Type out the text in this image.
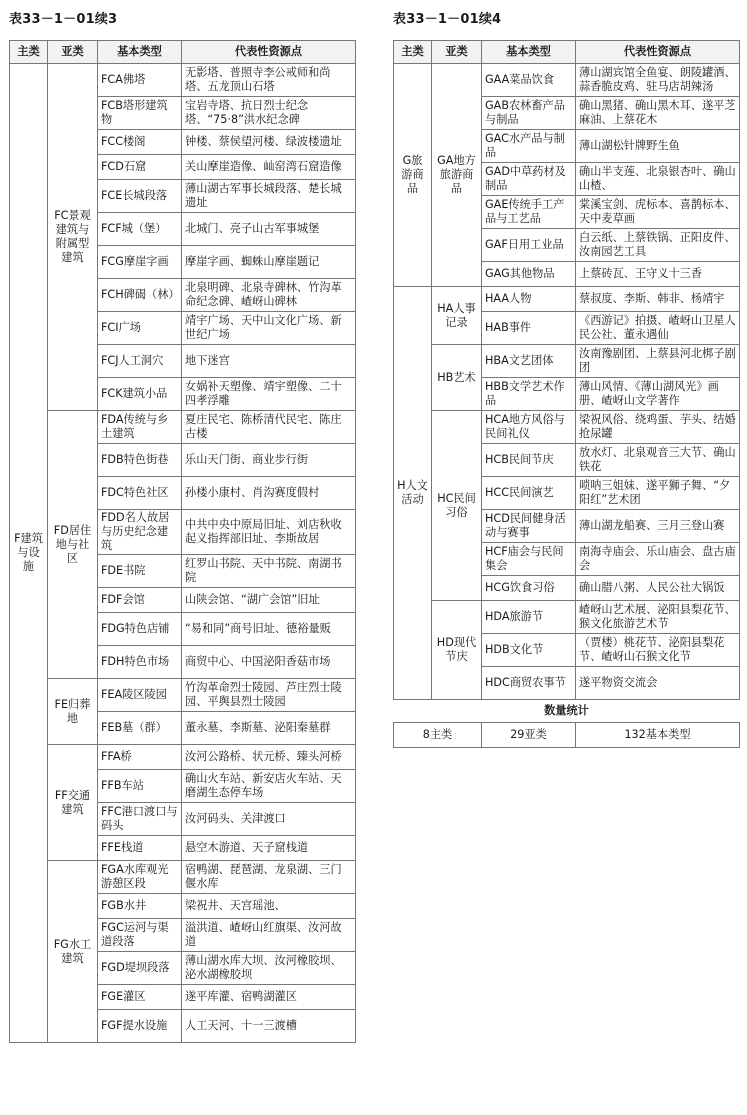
表33－1－01续3
主类	亚类	基本类型	代表性资源点
F建筑与设施	FC景观建筑与附属型建筑	FCA佛塔	无影塔、普照寺李公戒师和尚塔、五龙顶山石塔
		FCB塔形建筑物	宝岩寺塔、抗日烈士纪念塔、“75·8”洪水纪念碑
		FCC楼阁	钟楼、蔡侯望河楼、绿波楼遗址
		FCD石窟	关山摩崖造像、屾窑湾石窟造像
		FCE长城段落	薄山湖古军事长城段落、楚长城遗址
		FCF城（堡）	北城门、亮子山古军事城堡
		FCG摩崖字画	摩崖字画、蜘蛛山摩崖题记
		FCH碑碣（林）	北泉明碑、北泉寺碑林、竹沟革命纪念碑、嵖岈山碑林
		FCI广场	靖宇广场、天中山文化广场、新世纪广场
		FCJ人工洞穴	地下迷宫
		FCK建筑小品	女娲补天塑像、靖宇塑像、二十四孝浮雕
	FD居住地与社区	FDA传统与乡土建筑	夏庄民宅、陈桥清代民宅、陈庄古楼
		FDB特色街巷	乐山天门街、商业步行街
		FDC特色社区	孙楼小康村、肖沟赛度假村
		FDD名人故居与历史纪念建筑	中共中央中原局旧址、刘店秋收起义指挥部旧址、李斯故居
		FDE书院	红罗山书院、天中书院、南湖书院
		FDF会馆	山陕会馆、“湖广会馆”旧址
		FDG特色店铺	“易和同”商号旧址、德裕量贩
		FDH特色市场	商贸中心、中国泌阳香菇市场
	FE归葬地	FEA陵区陵园	竹沟革命烈士陵园、芦庄烈士陵园、平舆县烈士陵园
		FEB墓（群）	董永墓、李斯墓、泌阳秦墓群
	FF交通建筑	FFA桥	汝河公路桥、状元桥、臻头河桥
		FFB车站	确山火车站、新安店火车站、天磨湖生态停车场
		FFC港口渡口与码头	汝河码头、关津渡口
		FFE栈道	悬空木游道、天子窟栈道
	FG水工建筑	FGA水库观光游憩区段	宿鸭湖、琵琶湖、龙泉湖、三门偃水库
		FGB水井	梁祝井、天宫瑶池、
		FGC运河与渠道段落	溢洪道、嵖岈山红旗渠、汝河故道
		FGD堤坝段落	薄山湖水库大坝、汝河橡胶坝、泌水湖橡胶坝
		FGE灌区	遂平库灌、宿鸭湖灌区
		FGF提水设施	人工天河、十一三渡槽
表33－1－01续4
主类	亚类	基本类型	代表性资源点
G旅游商品	GA地方旅游商品	GAA菜品饮食	薄山湖宾馆全鱼宴、朗陵罐酒、蒜香脆皮鸡、驻马店胡辣汤
		GAB农林畜产品与制品	确山黑猪、确山黑木耳、遂平芝麻油、上蔡花木
		GAC水产品与制品	薄山湖松针牌野生鱼
		GAD中草药材及制品	确山半支莲、北泉银杏叶、确山山楂、
		GAE传统手工产品与工艺品	棠溪宝剑、虎标本、喜鹊标本、天中麦草画
		GAF日用工业品	白云纸、上蔡铁锅、正阳皮件、汝南园艺工具
		GAG其他物品	上蔡砖瓦、王守义十三香
H人文活动	HA人事记录	HAA人物	蔡叔度、李斯、韩非、杨靖宇
		HAB事件	《西游记》拍摄、嵖岈山卫星人民公社、董永遇仙
	HB艺术	HBA文艺团体	汝南豫剧团、上蔡县河北梆子剧团
		HBB文学艺术作品	薄山风情、《薄山湖风光》画册、嵖岈山文学著作
	HC民间习俗	HCA地方风俗与民间礼仪	梁祝风俗、绕鸡蛋、芋头、结婚抢尿罐
		HCB民间节庆	放水灯、北泉观音三大节、确山铁花
		HCC民间演艺	唢呐三姐妹、遂平狮子舞、“夕阳红”艺术团
		HCD民间健身活动与赛事	薄山湖龙船赛、三月三登山赛
		HCF庙会与民间集会	南海寺庙会、乐山庙会、盘古庙会
		HCG饮食习俗	确山腊八粥、人民公社大锅饭
	HD现代节庆	HDA旅游节	嵖岈山艺术展、泌阳县梨花节、猴文化旅游艺术节
		HDB文化节	（贾楼）桃花节、泌阳县梨花节、嵖岈山石猴文化节
		HDC商贸农事节	遂平物资交流会
数量统计			
8主类		29亚类	132基本类型
